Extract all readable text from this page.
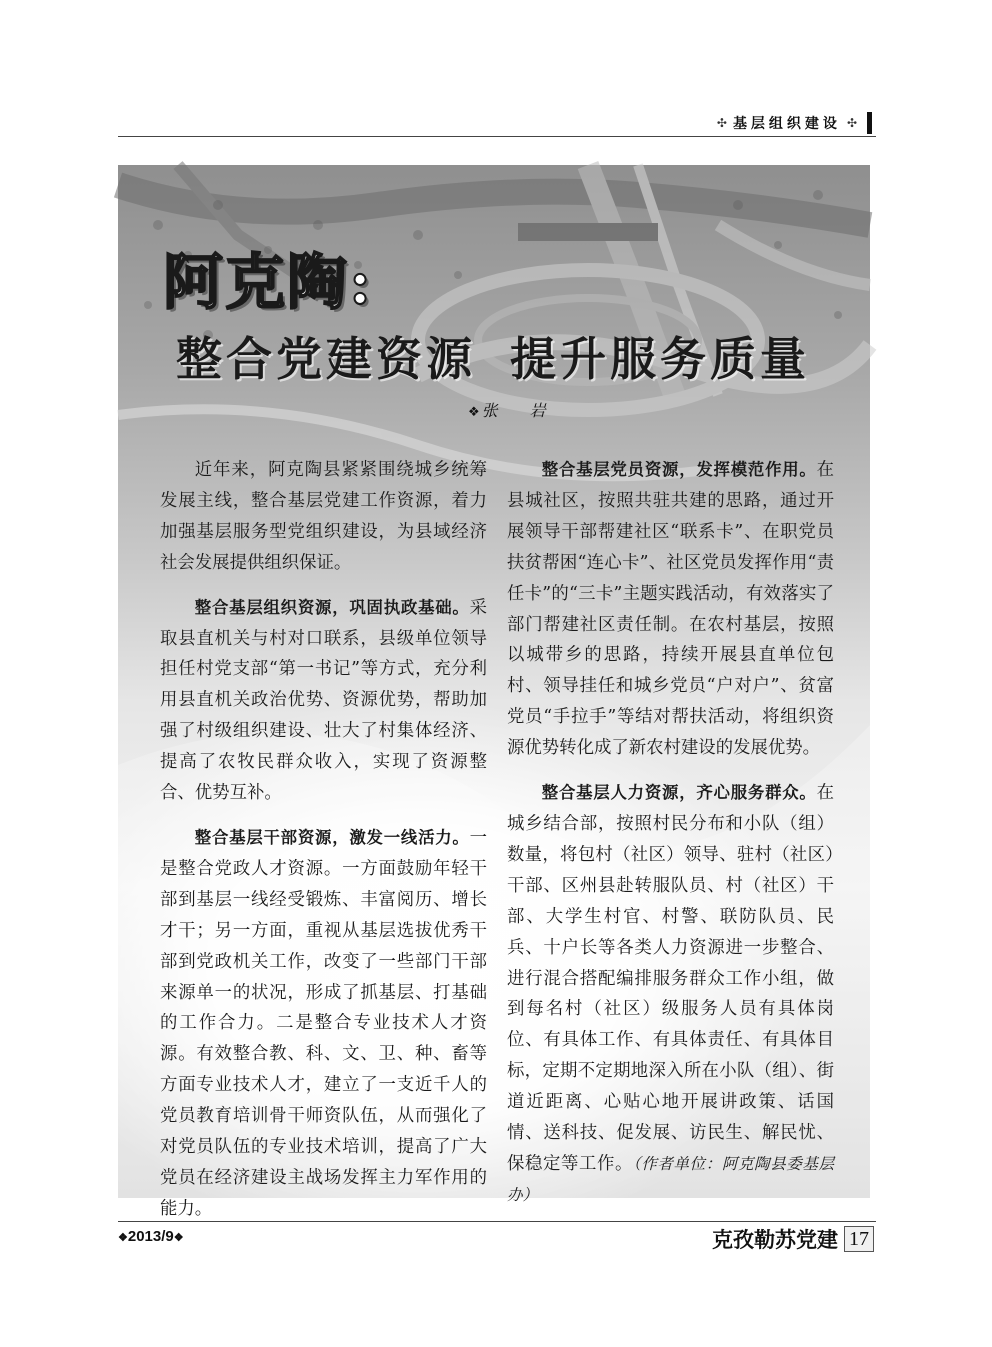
✣ 基层组织建设 ✣
阿克陶:
整合党建资源 提升服务质量
❖张　岩

近年来，阿克陶县紧紧围绕城乡统筹发展主线，整合基层党建工作资源，着力加强基层服务型党组织建设，为县域经济社会发展提供组织保证。

整合基层组织资源，巩固执政基础。采取县直机关与村对口联系，县级单位领导担任村党支部“第一书记”等方式，充分利用县直机关政治优势、资源优势，帮助加强了村级组织建设、壮大了村集体经济、提高了农牧民群众收入，实现了资源整合、优势互补。

整合基层干部资源，激发一线活力。一是整合党政人才资源。一方面鼓励年轻干部到基层一线经受锻炼、丰富阅历、增长才干；另一方面，重视从基层选拔优秀干部到党政机关工作，改变了一些部门干部来源单一的状况，形成了抓基层、打基础的工作合力。二是整合专业技术人才资源。有效整合教、科、文、卫、种、畜等方面专业技术人才，建立了一支近千人的党员教育培训骨干师资队伍，从而强化了对党员队伍的专业技术培训，提高了广大党员在经济建设主战场发挥主力军作用的能力。

整合基层党员资源，发挥模范作用。在县城社区，按照共驻共建的思路，通过开展领导干部帮建社区“联系卡”、在职党员扶贫帮困“连心卡”、社区党员发挥作用“责任卡”的“三卡”主题实践活动，有效落实了部门帮建社区责任制。在农村基层，按照以城带乡的思路，持续开展县直单位包村、领导挂任和城乡党员“户对户”、贫富党员“手拉手”等结对帮扶活动，将组织资源优势转化成了新农村建设的发展优势。

整合基层人力资源，齐心服务群众。在城乡结合部，按照村民分布和小队（组）数量，将包村（社区）领导、驻村（社区）干部、区州县赴转服队员、村（社区）干部、大学生村官、村警、联防队员、民兵、十户长等各类人力资源进一步整合、进行混合搭配编排服务群众工作小组，做到每名村（社区）级服务人员有具体岗位、有具体工作、有具体责任、有具体目标，定期不定期地深入所在小队（组）、街道近距离、心贴心地开展讲政策、话国情、送科技、促发展、访民生、解民忧、保稳定等工作。（作者单位：阿克陶县委基层办）

❖2013/9❖	克孜勒苏党建 17
